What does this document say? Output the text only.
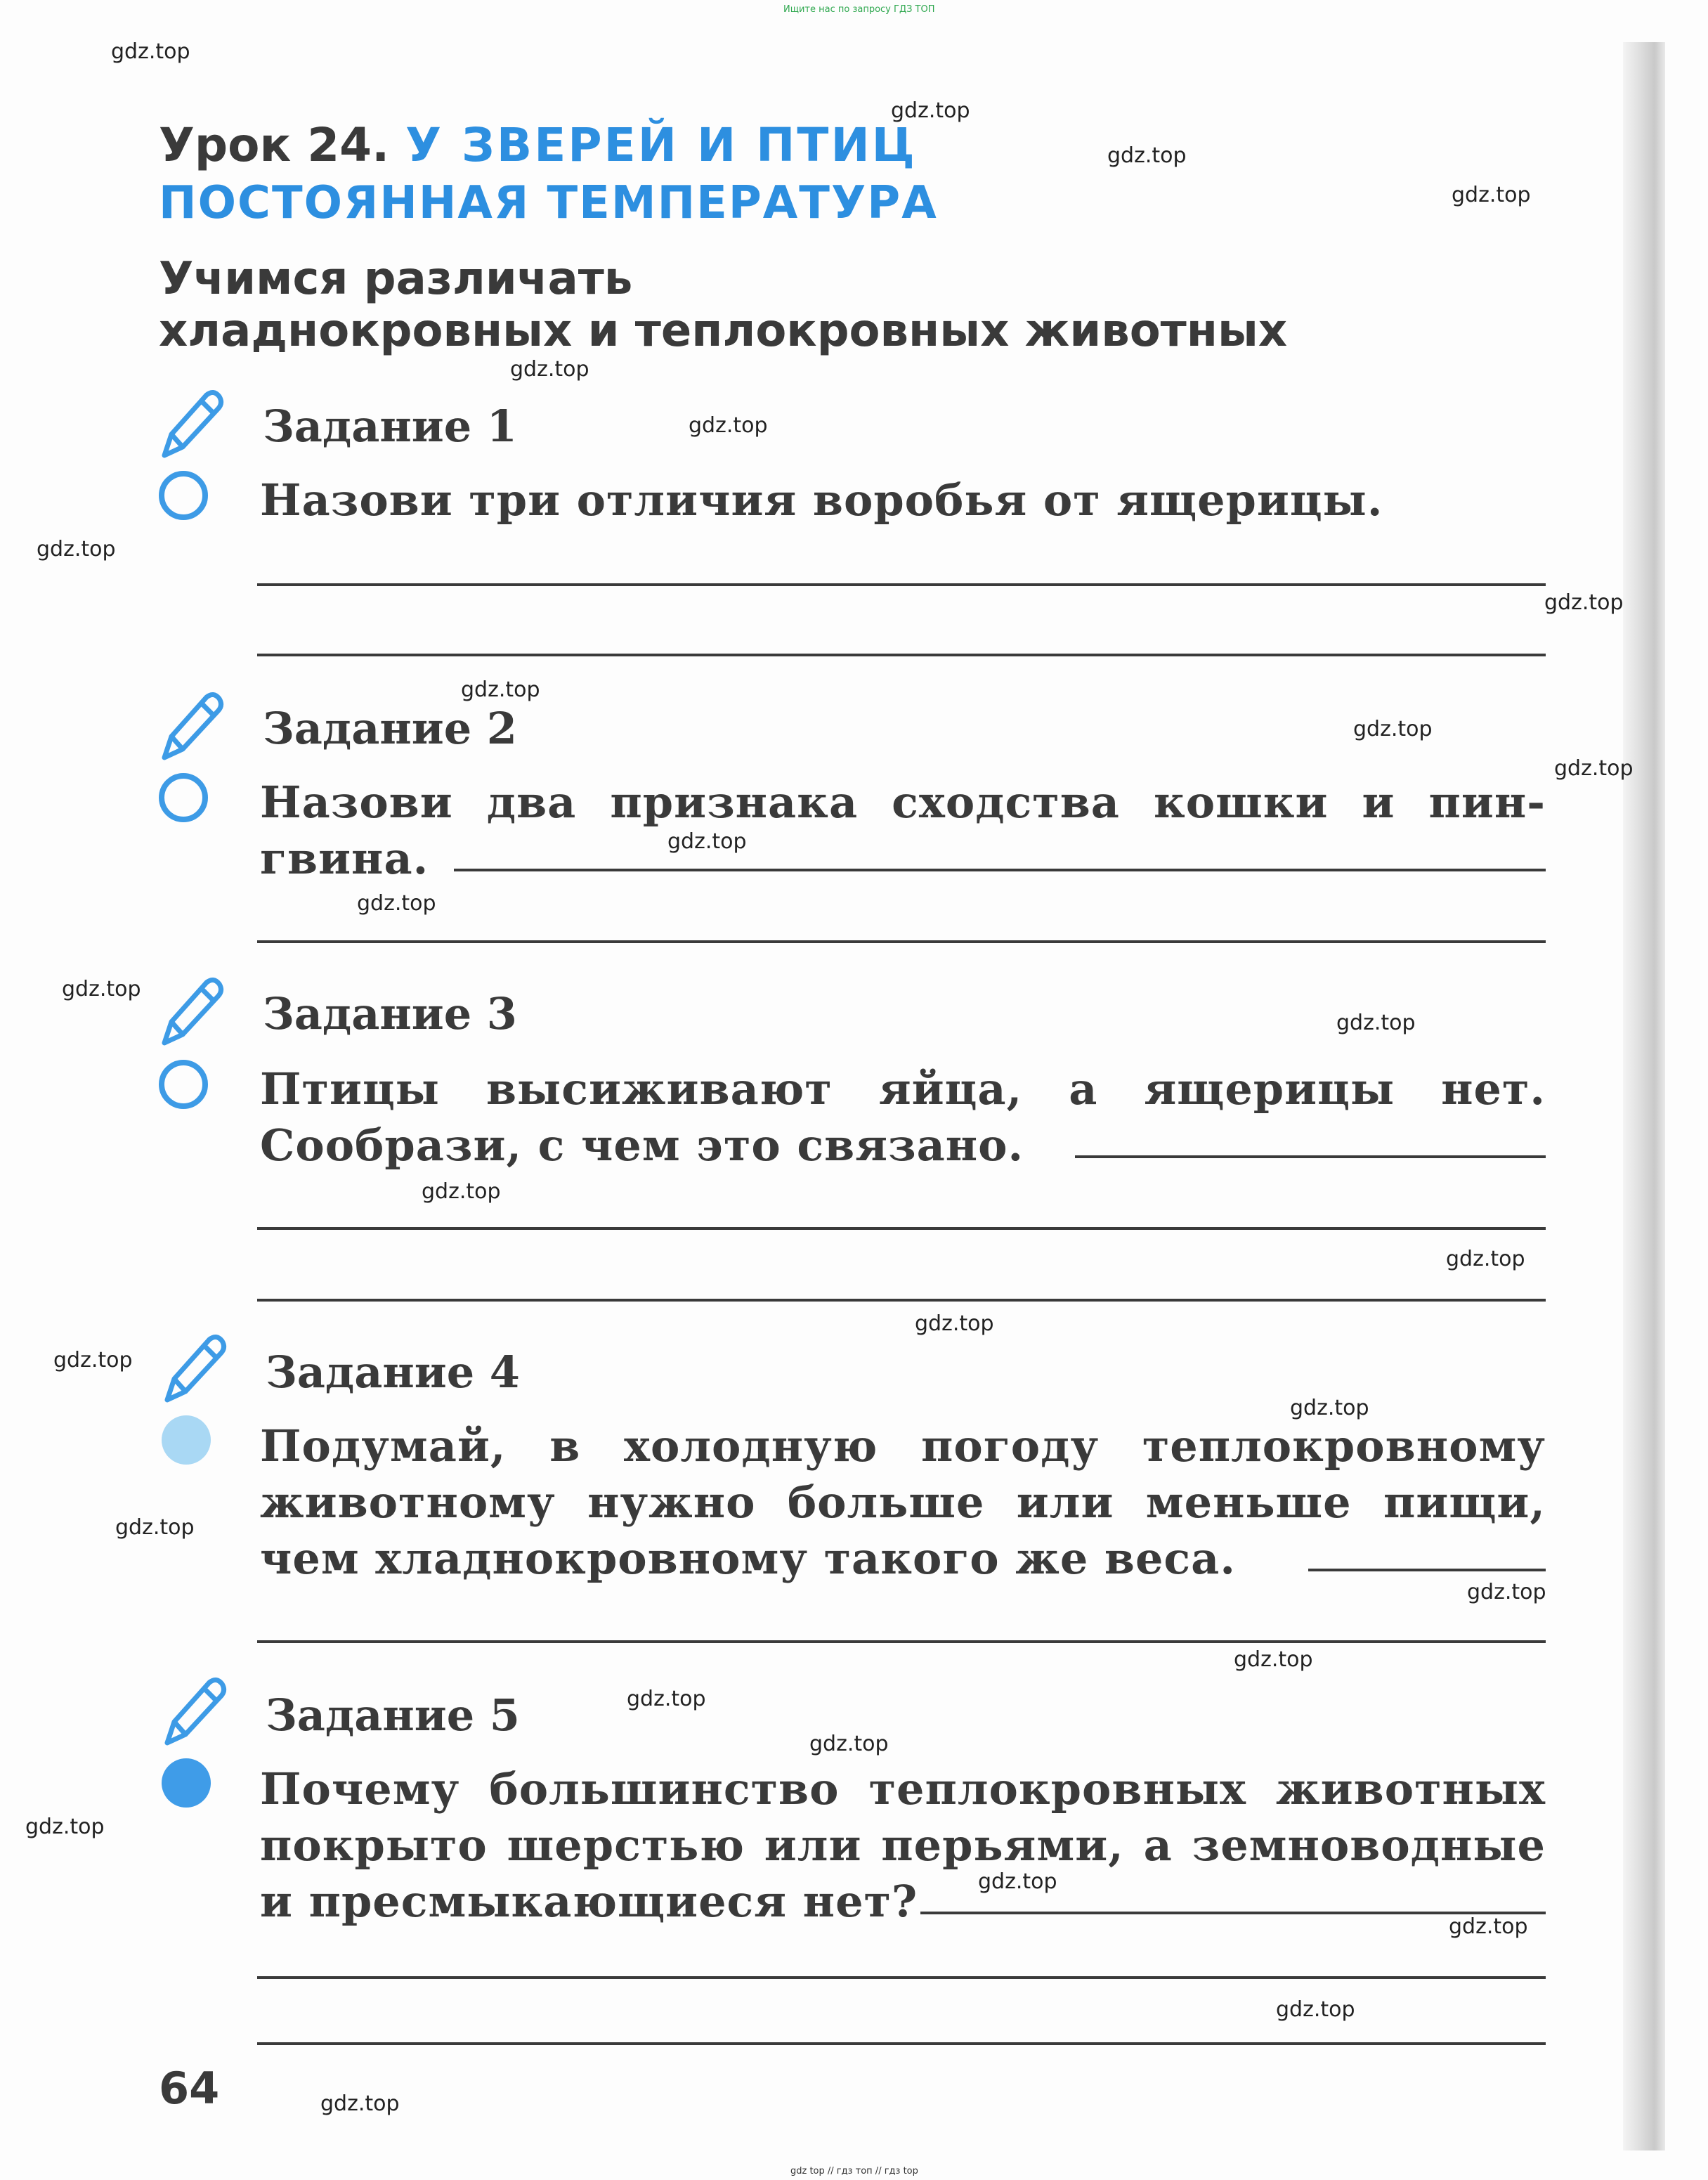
Ищите нас по запросу ГДЗ ТОП
Урок 24. У ЗВЕРЕЙ И ПТИЦ
ПОСТОЯННАЯ ТЕМПЕРАТУРА
Учимся различать
хладнокровных и теплокровных животных
Задание 1
Назови три отличия воробья от ящерицы.
Задание 2
Назови два признака сходства кошки и пин-
гвина.
Задание 3
Птицы высиживают яйца, а ящерицы нет.
Сообрази, с чем это связано.
Задание 4
Подумай, в холодную погоду теплокровному
животному нужно больше или меньше пищи,
чем хладнокровному такого же веса.
Задание 5
Почему большинство теплокровных животных
покрыто шерстью или перьями, а земноводные
и пресмыкающиеся нет?
64
gdz.top
gdz.top
gdz.top
gdz.top
gdz.top
gdz.top
gdz.top
gdz.top
gdz.top
gdz.top
gdz.top
gdz.top
gdz.top
gdz.top
gdz.top
gdz.top
gdz.top
gdz.top
gdz.top
gdz.top
gdz.top
gdz.top
gdz.top
gdz.top
gdz.top
gdz.top
gdz.top
gdz.top
gdz.top
gdz.top
gdz top // гдз топ // гдз top
